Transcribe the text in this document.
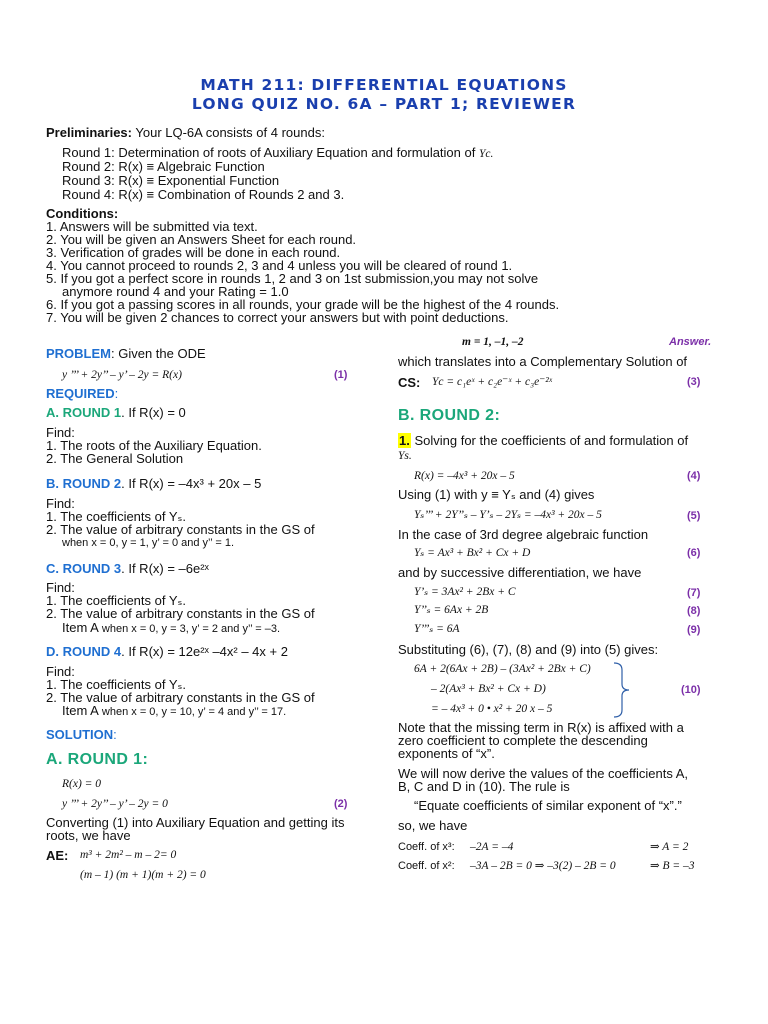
MATH 211: DIFFERENTIAL EQUATIONS
LONG QUIZ NO. 6A – PART 1; REVIEWER
Preliminaries: Your LQ-6A consists of 4 rounds:
Round 1: Determination of roots of Auxiliary Equation and formulation of Yc.
Round 2: R(x) ≡ Algebraic Function
Round 3: R(x) ≡ Exponential Function
Round 4: R(x) ≡ Combination of Rounds 2 and 3.
Conditions:
1. Answers will be submitted via text.
2. You will be given an Answers Sheet for each round.
3. Verification of grades will be done in each round.
4. You cannot proceed to rounds 2, 3 and 4 unless you will be cleared of round 1.
5. If you got a perfect score in rounds 1, 2 and 3 on 1st submission,you may not solve
anymore round 4 and your Rating = 1.0
6. If you got a passing scores in all rounds, your grade will be the highest of the 4 rounds.
7. You will be given 2 chances to correct your answers but with point deductions.
PROBLEM: Given the ODE
y ’’’ + 2y’’ – y’ – 2y = R(x)	(1)
REQUIRED:
A. ROUND 1. If R(x) = 0
Find:
1. The roots of the Auxiliary Equation.
2. The General Solution
B. ROUND 2. If R(x) = –4x³ + 20x – 5
Find:
1. The coefficients of Yₛ.
2. The value of arbitrary constants in the GS of
when x = 0, y = 1, y’ = 0 and y’’ = 1.
C. ROUND 3. If R(x) = –6e²ˣ
Find:
1. The coefficients of Yₛ.
2. The value of arbitrary constants in the GS of
Item A when x = 0, y = 3, y’ = 2 and y’’ = –3.
D. ROUND 4. If R(x) = 12e²ˣ –4x² – 4x + 2
Find:
1. The coefficients of Yₛ.
2. The value of arbitrary constants in the GS of
Item A when x = 0, y = 10, y’ = 4 and y’’ = 17.
SOLUTION:
A. ROUND 1:
R(x) = 0
y ’’’ + 2y’’ – y’ – 2y = 0	(2)
Converting (1) into Auxiliary Equation and getting its
roots, we have
AE: m³ + 2m² – m – 2= 0
(m – 1) (m + 1)(m + 2) = 0
m = 1, –1, –2	Answer.
which translates into a Complementary Solution of
CS: Yc = c₁eˣ + c₂e⁻ˣ + c₃e⁻²ˣ	(3)
B. ROUND 2:
1. Solving for the coefficients of and formulation of
Ys.
R(x) = –4x³ + 20x – 5	(4)
Using (1) with y ≡ Yₛ and (4) gives
Yₛ’’’ + 2Y’’ₛ – Y’ₛ – 2Yₛ = –4x³ + 20x – 5	(5)
In the case of 3rd degree algebraic function
Yₛ = Ax³ + Bx² + Cx + D	(6)
and by successive differentiation, we have
Y’ₛ = 3Ax² + 2Bx + C	(7)
Y’’ₛ = 6Ax + 2B	(8)
Y’’’ₛ = 6A	(9)
Substituting (6), (7), (8) and (9) into (5) gives:
6A + 2(6Ax + 2B) – (3Ax² + 2Bx + C)
– 2(Ax³ + Bx² + Cx + D)
= – 4x³ + 0 • x² + 20 x – 5
(10)
Note that the missing term in R(x) is affixed with a
zero coefficient to complete the descending
exponents of “x”.
We will now derive the values of the coefficients A,
B, C and D in (10). The rule is
“Equate coefficients of similar exponent of “x”.”
so, we have
Coeff. of x³: –2A = –4	⇒ A = 2
Coeff. of x²: –3A – 2B = 0 ⇒ –3(2) – 2B = 0	⇒ B = –3
